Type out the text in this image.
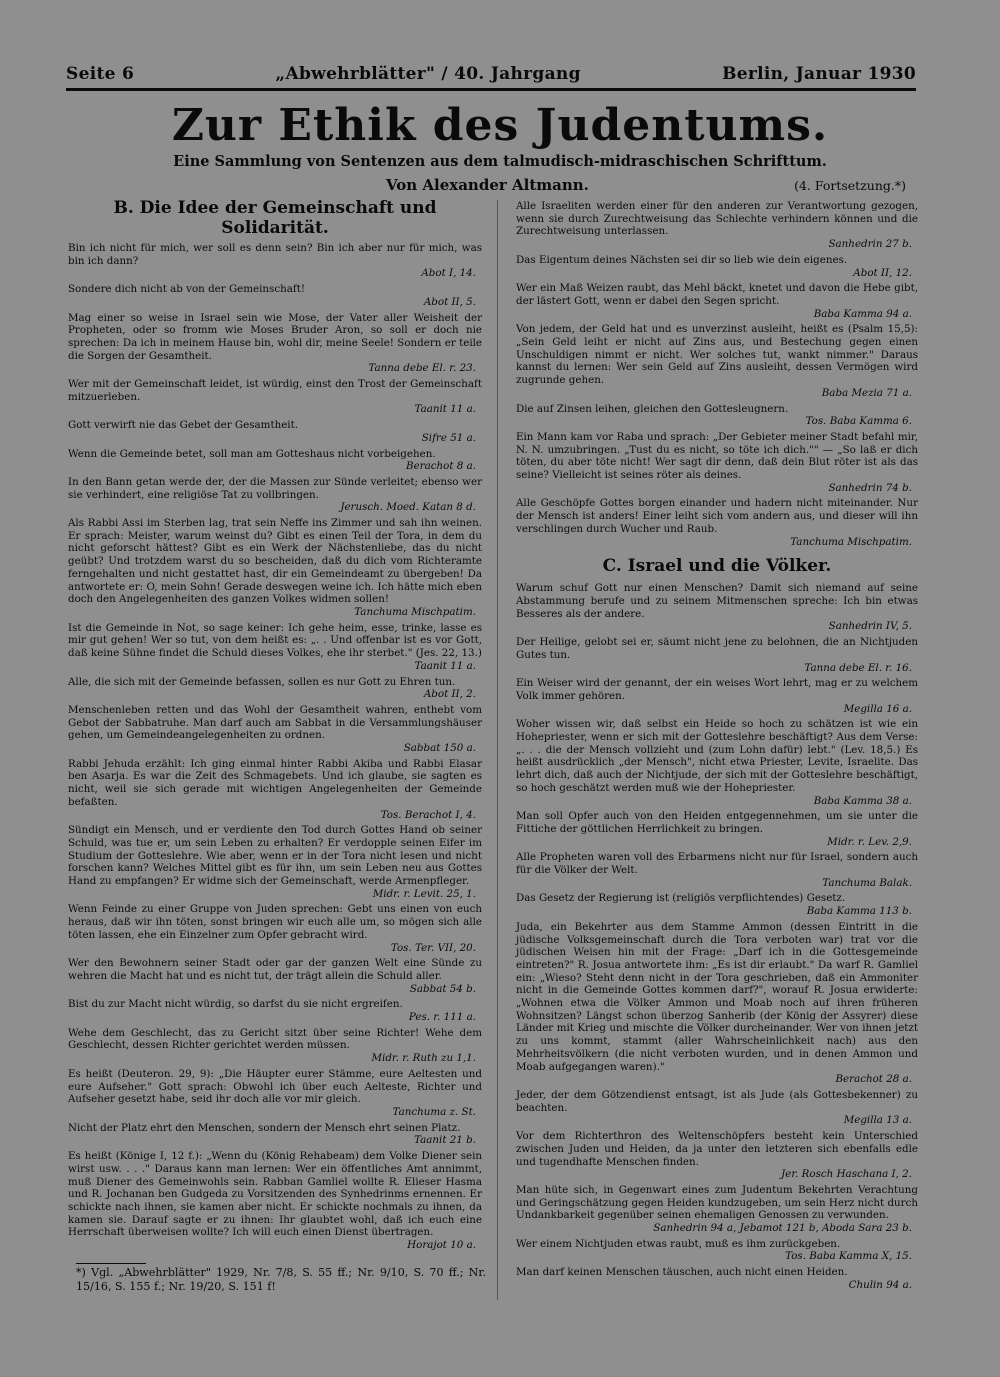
Seite 6	„Abwehrblätter" / 40. Jahrgang	Berlin, Januar 1930
Zur Ethik des Judentums.
Eine Sammlung von Sentenzen aus dem talmudisch-midraschischen Schrifttum.
Von Alexander Altmann.	(4. Fortsetzung.*)
B. Die Idee der Gemeinschaft und Solidarität.

Bin ich nicht für mich, wer soll es denn sein? Bin ich aber nur für mich, was bin ich dann?
Abot I, 14.

Sondere dich nicht ab von der Gemeinschaft!
Abot II, 5.

Mag einer so weise in Israel sein wie Mose, der Vater aller Weisheit der Propheten, oder so fromm wie Moses Bruder Aron, so soll er doch nie sprechen: Da ich in meinem Hause bin, wohl dir, meine Seele! Sondern er teile die Sorgen der Gesamtheit.
Tanna debe El. r. 23.

Wer mit der Gemeinschaft leidet, ist würdig, einst den Trost der Gemeinschaft mitzuerleben.
Taanit 11 a.

Gott verwirft nie das Gebet der Gesamtheit.
Sifre 51 a.

Wenn die Gemeinde betet, soll man am Gotteshaus nicht vorbeigehen.
Berachot 8 a.

In den Bann getan werde der, der die Massen zur Sünde verleitet; ebenso wer sie verhindert, eine religiöse Tat zu vollbringen.
Jerusch. Moed. Katan 8 d.

Als Rabbi Assi im Sterben lag, trat sein Neffe ins Zimmer und sah ihn weinen. Er sprach: Meister, warum weinst du? Gibt es einen Teil der Tora, in dem du nicht geforscht hättest? Gibt es ein Werk der Nächstenliebe, das du nicht geübt? Und trotzdem warst du so bescheiden, daß du dich vom Richteramte ferngehalten und nicht gestattet hast, dir ein Gemeindeamt zu übergeben! Da antwortete er: O, mein Sohn! Gerade deswegen weine ich. Ich hätte mich eben doch den Angelegenheiten des ganzen Volkes widmen sollen!
Tanchuma Mischpatim.

Ist die Gemeinde in Not, so sage keiner: Ich gehe heim, esse, trinke, lasse es mir gut gehen! Wer so tut, von dem heißt es: „. . Und offenbar ist es vor Gott, daß keine Sühne findet die Schuld dieses Volkes, ehe ihr sterbet." (Jes. 22, 13.)
Taanit 11 a.

Alle, die sich mit der Gemeinde befassen, sollen es nur Gott zu Ehren tun.
Abot II, 2.

Menschenleben retten und das Wohl der Gesamtheit wahren, enthebt vom Gebot der Sabbatruhe. Man darf auch am Sabbat in die Versammlungshäuser gehen, um Gemeindeangelegenheiten zu ordnen.
Sabbat 150 a.

Rabbi Jehuda erzählt: Ich ging einmal hinter Rabbi Akiba und Rabbi Elasar ben Asarja. Es war die Zeit des Schmagebets. Und ich glaube, sie sagten es nicht, weil sie sich gerade mit wichtigen Angelegenheiten der Gemeinde befaßten.
Tos. Berachot I, 4.

Sündigt ein Mensch, und er verdiente den Tod durch Gottes Hand ob seiner Schuld, was tue er, um sein Leben zu erhalten? Er verdopple seinen Eifer im Studium der Gotteslehre. Wie aber, wenn er in der Tora nicht lesen und nicht forschen kann? Welches Mittel gibt es für ihn, um sein Leben neu aus Gottes Hand zu empfangen? Er widme sich der Gemeinschaft, werde Armenpfleger.
Midr. r. Levit. 25, 1.

Wenn Feinde zu einer Gruppe von Juden sprechen: Gebt uns einen von euch heraus, daß wir ihn töten, sonst bringen wir euch alle um, so mögen sich alle töten lassen, ehe ein Einzelner zum Opfer gebracht wird.
Tos. Ter. VII, 20.

Wer den Bewohnern seiner Stadt oder gar der ganzen Welt eine Sünde zu wehren die Macht hat und es nicht tut, der trägt allein die Schuld aller.
Sabbat 54 b.

Bist du zur Macht nicht würdig, so darfst du sie nicht ergreifen.
Pes. r. 111 a.

Wehe dem Geschlecht, das zu Gericht sitzt über seine Richter! Wehe dem Geschlecht, dessen Richter gerichtet werden müssen.
Midr. r. Ruth zu 1,1.

Es heißt (Deuteron. 29, 9): „Die Häupter eurer Stämme, eure Aeltesten und eure Aufseher." Gott sprach: Obwohl ich über euch Aelteste, Richter und Aufseher gesetzt habe, seid ihr doch alle vor mir gleich.
Tanchuma z. St.

Nicht der Platz ehrt den Menschen, sondern der Mensch ehrt seinen Platz.
Taanit 21 b.

Es heißt (Könige I, 12 f.): „Wenn du (König Rehabeam) dem Volke Diener sein wirst usw. . . ." Daraus kann man lernen: Wer ein öffentliches Amt annimmt, muß Diener des Gemeinwohls sein. Rabban Gamliel wollte R. Elieser Hasma und R. Jochanan ben Gudgeda zu Vorsitzenden des Synhedrinms ernennen. Er schickte nach ihnen, sie kamen aber nicht. Er schickte nochmals zu ihnen, da kamen sie. Darauf sagte er zu ihnen: Ihr glaubtet wohl, daß ich euch eine Herrschaft überweisen wollte? Ich will euch einen Dienst übertragen.
Horajot 10 a.

Alle Israeliten werden einer für den anderen zur Verantwortung gezogen, wenn sie durch Zurechtweisung das Schlechte verhindern können und die Zurechtweisung unterlassen.
Sanhedrin 27 b.

Das Eigentum deines Nächsten sei dir so lieb wie dein eigenes.
Abot II, 12.

Wer ein Maß Weizen raubt, das Mehl bäckt, knetet und davon die Hebe gibt, der lästert Gott, wenn er dabei den Segen spricht.
Baba Kamma 94 a.

Von jedem, der Geld hat und es unverzinst ausleiht, heißt es (Psalm 15,5): „Sein Geld leiht er nicht auf Zins aus, und Bestechung gegen einen Unschuldigen nimmt er nicht. Wer solches tut, wankt nimmer." Daraus kannst du lernen: Wer sein Geld auf Zins ausleiht, dessen Vermögen wird zugrunde gehen.
Baba Mezia 71 a.

Die auf Zinsen leihen, gleichen den Gottesleugnern.
Tos. Baba Kamma 6.

Ein Mann kam vor Raba und sprach: „Der Gebieter meiner Stadt befahl mir, N. N. umzubringen. „Tust du es nicht, so töte ich dich."" — „So laß er dich töten, du aber töte nicht! Wer sagt dir denn, daß dein Blut röter ist als das seine? Vielleicht ist seines röter als deines.
Sanhedrin 74 b.

Alle Geschöpfe Gottes borgen einander und hadern nicht miteinander. Nur der Mensch ist anders! Einer leiht sich vom andern aus, und dieser will ihn verschlingen durch Wucher und Raub.
Tanchuma Mischpatim.

C. Israel und die Völker.

Warum schuf Gott nur einen Menschen? Damit sich niemand auf seine Abstammung berufe und zu seinem Mitmenschen spreche: Ich bin etwas Besseres als der andere.
Sanhedrin IV, 5.

Der Heilige, gelobt sei er, säumt nicht jene zu belohnen, die an Nichtjuden Gutes tun.
Tanna debe El. r. 16.

Ein Weiser wird der genannt, der ein weises Wort lehrt, mag er zu welchem Volk immer gehören.
Megilla 16 a.

Woher wissen wir, daß selbst ein Heide so hoch zu schätzen ist wie ein Hohepriester, wenn er sich mit der Gotteslehre beschäftigt? Aus dem Verse: „. . . die der Mensch vollzieht und (zum Lohn dafür) lebt." (Lev. 18,5.) Es heißt ausdrücklich „der Mensch", nicht etwa Priester, Levite, Israelite. Das lehrt dich, daß auch der Nichtjude, der sich mit der Gotteslehre beschäftigt, so hoch geschätzt werden muß wie der Hohepriester.
Baba Kamma 38 a.

Man soll Opfer auch von den Heiden entgegennehmen, um sie unter die Fittiche der göttlichen Herrlichkeit zu bringen.
Midr. r. Lev. 2,9.

Alle Propheten waren voll des Erbarmens nicht nur für Israel, sondern auch für die Völker der Welt.
Tanchuma Balak.

Das Gesetz der Regierung ist (religiös verpflichtendes) Gesetz.
Baba Kamma 113 b.

Juda, ein Bekehrter aus dem Stamme Ammon (dessen Eintritt in die jüdische Volksgemeinschaft durch die Tora verboten war) trat vor die jüdischen Weisen hin mit der Frage: „Darf ich in die Gottesgemeinde eintreten?" R. Josua antwortete ihm: „Es ist dir erlaubt." Da warf R. Gamliel ein: „Wieso? Steht denn nicht in der Tora geschrieben, daß ein Ammoniter nicht in die Gemeinde Gottes kommen darf?", worauf R. Josua erwiderte: „Wohnen etwa die Völker Ammon und Moab noch auf ihren früheren Wohnsitzen? Längst schon überzog Sanherib (der König der Assyrer) diese Länder mit Krieg und mischte die Völker durcheinander. Wer von ihnen jetzt zu uns kommt, stammt (aller Wahrscheinlichkeit nach) aus den Mehrheitsvölkern (die nicht verboten wurden, und in denen Ammon und Moab aufgegangen waren)."
Berachot 28 a.

Jeder, der dem Götzendienst entsagt, ist als Jude (als Gottesbekenner) zu beachten.
Megilla 13 a.

Vor dem Richterthron des Weltenschöpfers besteht kein Unterschied zwischen Juden und Heiden, da ja unter den letzteren sich ebenfalls edle und tugendhafte Menschen finden.
Jer. Rosch Haschana I, 2.

Man hüte sich, in Gegenwart eines zum Judentum Bekehrten Verachtung und Geringschätzung gegen Heiden kundzugeben, um sein Herz nicht durch Undankbarkeit gegenüber seinen ehemaligen Genossen zu verwunden.
Sanhedrin 94 a, Jebamot 121 b, Aboda Sara 23 b.

Wer einem Nichtjuden etwas raubt, muß es ihm zurückgeben.
Tos. Baba Kamma X, 15.

Man darf keinen Menschen täuschen, auch nicht einen Heiden.
Chulin 94 a.

*) Vgl. „Abwehrblätter" 1929, Nr. 7/8, S. 55 ff.; Nr. 9/10, S. 70 ff.; Nr. 15/16, S. 155 f.; Nr. 19/20, S. 151 f!
